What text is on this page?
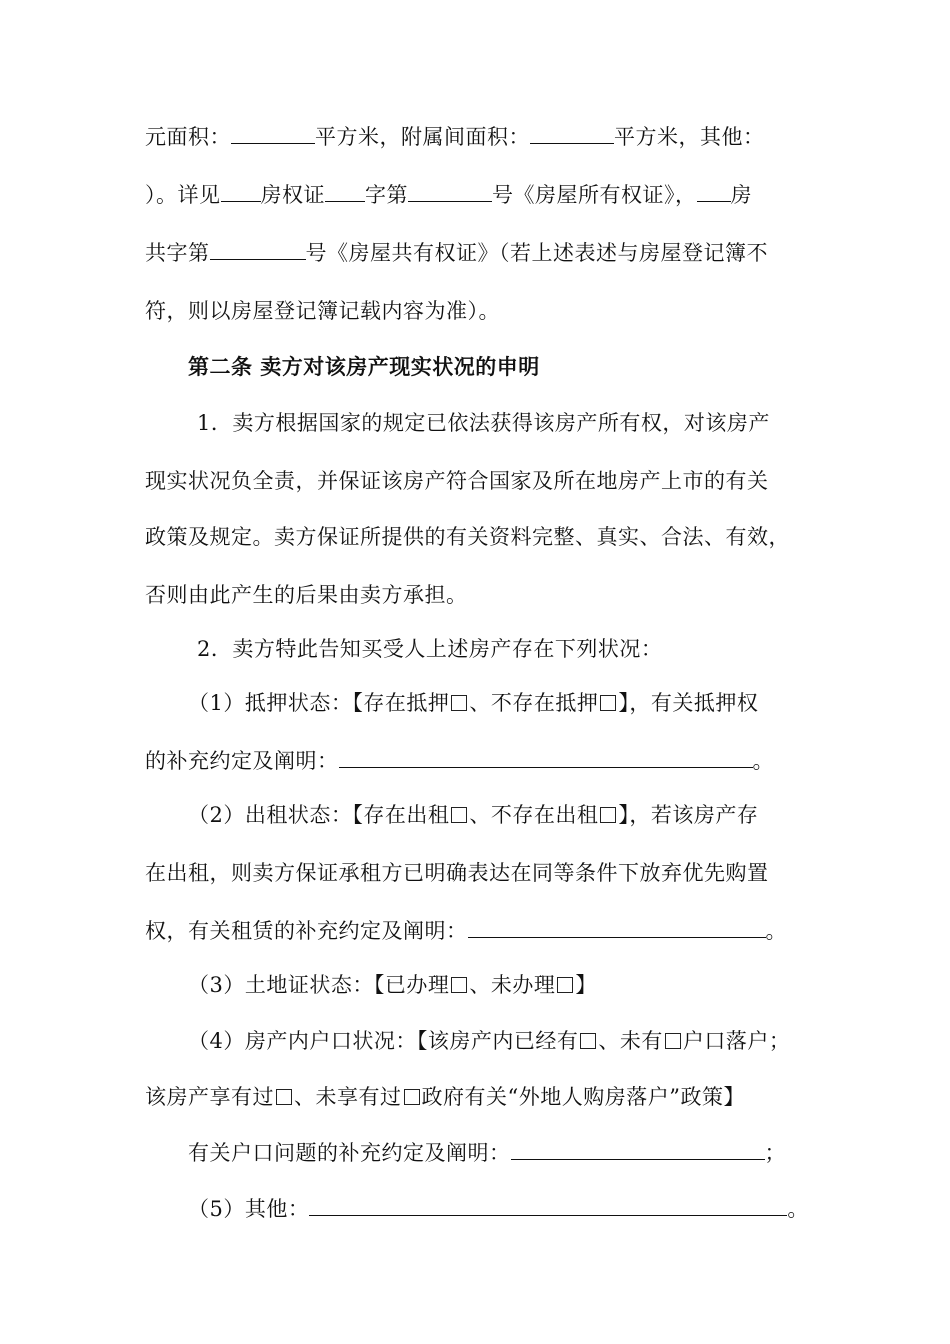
元面积：	平方米，附属间面积：	平方米，其他：
）。详见 房权证 字第	号《房屋所有权证》， 房
共字第	号《房屋共有权证》（若上述表述与房屋登记簿不
符，则以房屋登记簿记载内容为准）。
第二条 卖方对该房产现实状况的申明
1．卖方根据国家的规定已依法获得该房产所有权，对该房产
现实状况负全责，并保证该房产符合国家及所在地房产上市的有关
政策及规定。卖方保证所提供的有关资料完整、真实、合法、有效，
否则由此产生的后果由卖方承担。
2．卖方特此告知买受人上述房产存在下列状况：
（1）抵押状态：【存在抵押 、不存在抵押 】，有关抵押权
的补充约定及阐明：	。
（2）出租状态：【存在出租 、不存在出租 】，若该房产存
在出租，则卖方保证承租方已明确表达在同等条件下放弃优先购置
权，有关租赁的补充约定及阐明：	。
（3）土地证状态：【已办理 、未办理 】
（4）房产内户口状况：【该房产内已经有 、未有 户口落户；
该房产享有过 、未享有过 政府有关“外地人购房落户”政策】
有关户口问题的补充约定及阐明：	；
（5）其他：	。
